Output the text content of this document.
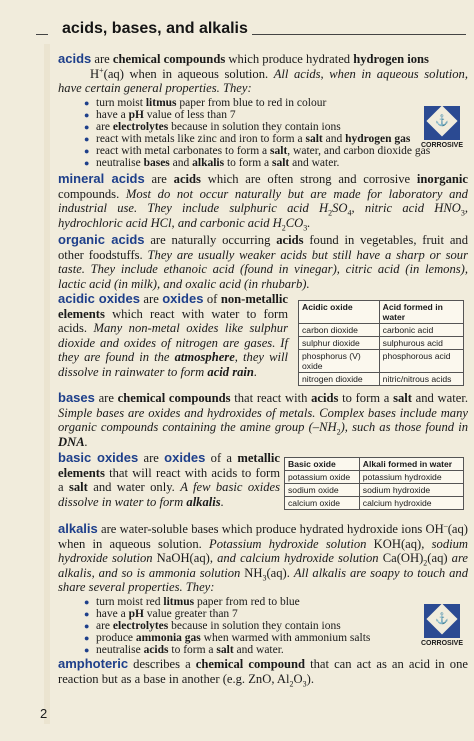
acids, bases, and alkalis
acids are chemical compounds which produce hydrated hydrogen ions
H+(aq) when in aqueous solution. All acids, when in aqueous solution, have certain general properties. They:
● turn moist litmus paper from blue to red in colour
● have a pH value of less than 7
● are electrolytes because in solution they contain ions
● react with metals like zinc and iron to form a salt and hydrogen gas
● react with metal carbonates to form a salt, water, and carbon dioxide gas
● neutralise bases and alkalis to form a salt and water.
⚓
CORROSIVE
mineral acids are acids which are often strong and corrosive inorganic compounds. Most do not occur naturally but are made for laboratory and industrial use. They include sulphuric acid $H_2SO_4$, nitric acid $HNO_3$, hydrochloric acid HCl, and carbonic acid $H_2CO_3$.
organic acids are naturally occurring acids found in vegetables, fruit and other foodstuffs. They are usually weaker acids but still have a sharp or sour taste. They include ethanoic acid (found in vinegar), citric acid (in lemons), lactic acid (in milk), and oxalic acid (in rhubarb).
acidic oxides are oxides of non-metallic elements which react with water to form acids. Many non-metal oxides like sulphur dioxide and oxides of nitrogen are gases. If they are found in the atmosphere, they will dissolve in rainwater to form acid rain.
Acidic oxide	Acid formed in water
carbon dioxide	carbonic acid
sulphur dioxide	sulphurous acid
phosphorus (V) oxide	phosphorous acid
nitrogen dioxide	nitric/nitrous acids
bases are chemical compounds that react with acids to form a salt and water. Simple bases are oxides and hydroxides of metals. Complex bases include many organic compounds containing the amine group $(-NH_2)$, such as those found in DNA.
basic oxides are oxides of a metallic elements that will react with acids to form a salt and water only. A few basic oxides dissolve in water to form alkalis.
Basic oxide	Alkali formed in water
potassium oxide	potassium hydroxide
sodium oxide	sodium hydroxide
calcium oxide	calcium hydroxide
alkalis are water-soluble bases which produce hydrated hydroxide ions OH–(aq) when in aqueous solution. Potassium hydroxide solution KOH(aq), sodium hydroxide solution NaOH(aq), and calcium hydroxide solution $Ca(OH)_2(aq)$ are alkalis, and so is ammonia solution $NH_3(aq)$. All alkalis are soapy to touch and share several properties. They:
● turn moist red litmus paper from red to blue
● have a pH value greater than 7
● are electrolytes because in solution they contain ions
● produce ammonia gas when warmed with ammonium salts
● neutralise acids to form a salt and water.
⚓
CORROSIVE
amphoteric describes a chemical compound that can act as an acid in one reaction but as a base in another (e.g. ZnO, $Al_2O_3$).
2
